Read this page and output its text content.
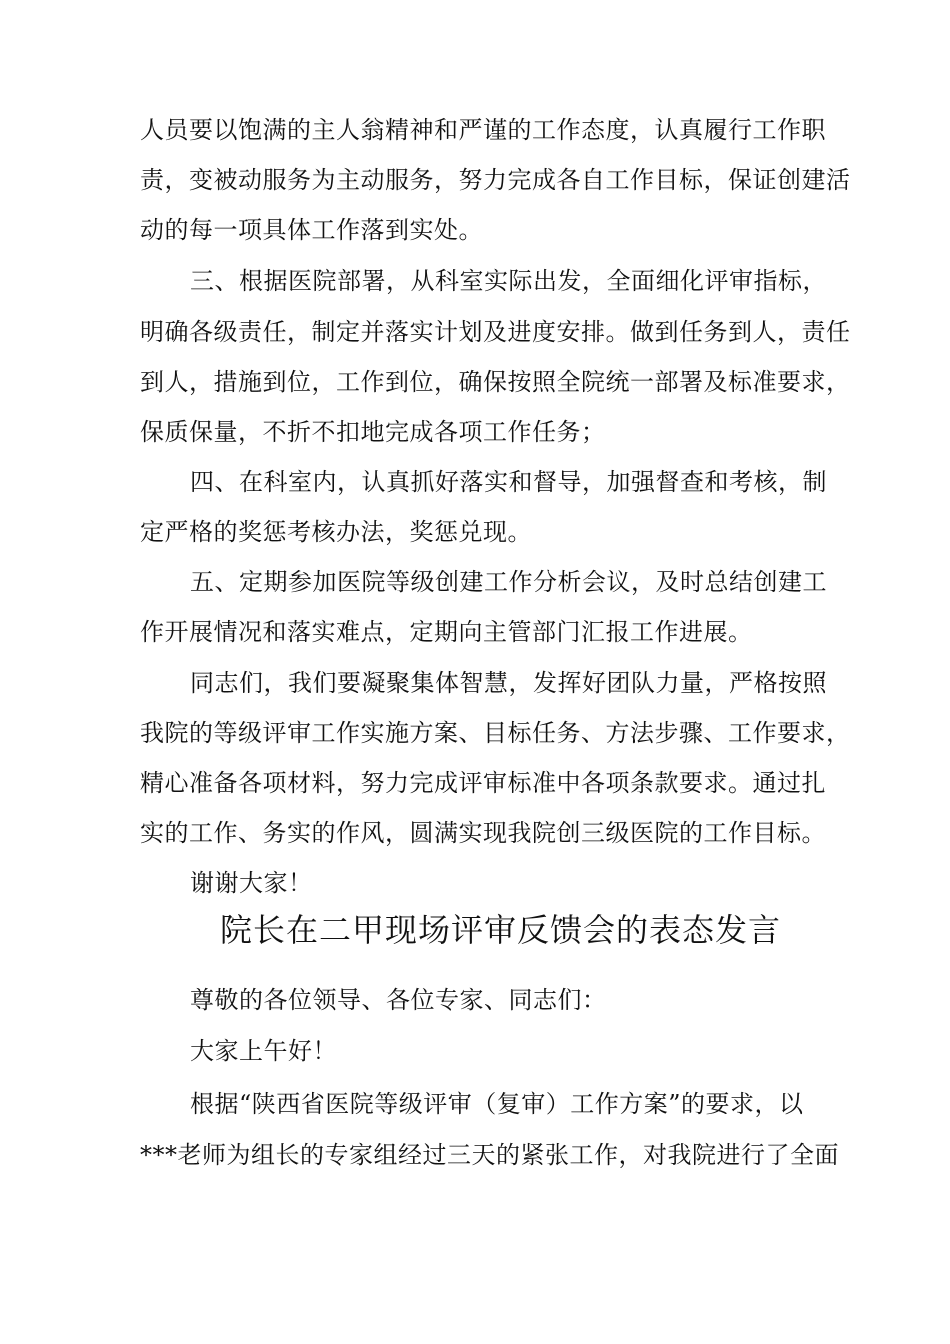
人员要以饱满的主人翁精神和严谨的工作态度，认真履行工作职
责，变被动服务为主动服务，努力完成各自工作目标，保证创建活
动的每一项具体工作落到实处。
三、根据医院部署，从科室实际出发，全面细化评审指标，
明确各级责任，制定并落实计划及进度安排。做到任务到人，责任
到人，措施到位，工作到位，确保按照全院统一部署及标准要求，
保质保量，不折不扣地完成各项工作任务；
四、在科室内，认真抓好落实和督导，加强督查和考核，制
定严格的奖惩考核办法，奖惩兑现。
五、定期参加医院等级创建工作分析会议，及时总结创建工
作开展情况和落实难点，定期向主管部门汇报工作进展。
同志们，我们要凝聚集体智慧，发挥好团队力量，严格按照
我院的等级评审工作实施方案、目标任务、方法步骤、工作要求，
精心准备各项材料，努力完成评审标准中各项条款要求。通过扎
实的工作、务实的作风，圆满实现我院创三级医院的工作目标。
谢谢大家！
院长在二甲现场评审反馈会的表态发言
尊敬的各位领导、各位专家、同志们：
大家上午好！
根据“陕西省医院等级评审（复审）工作方案”的要求，以
***老师为组长的专家组经过三天的紧张工作，对我院进行了全面
